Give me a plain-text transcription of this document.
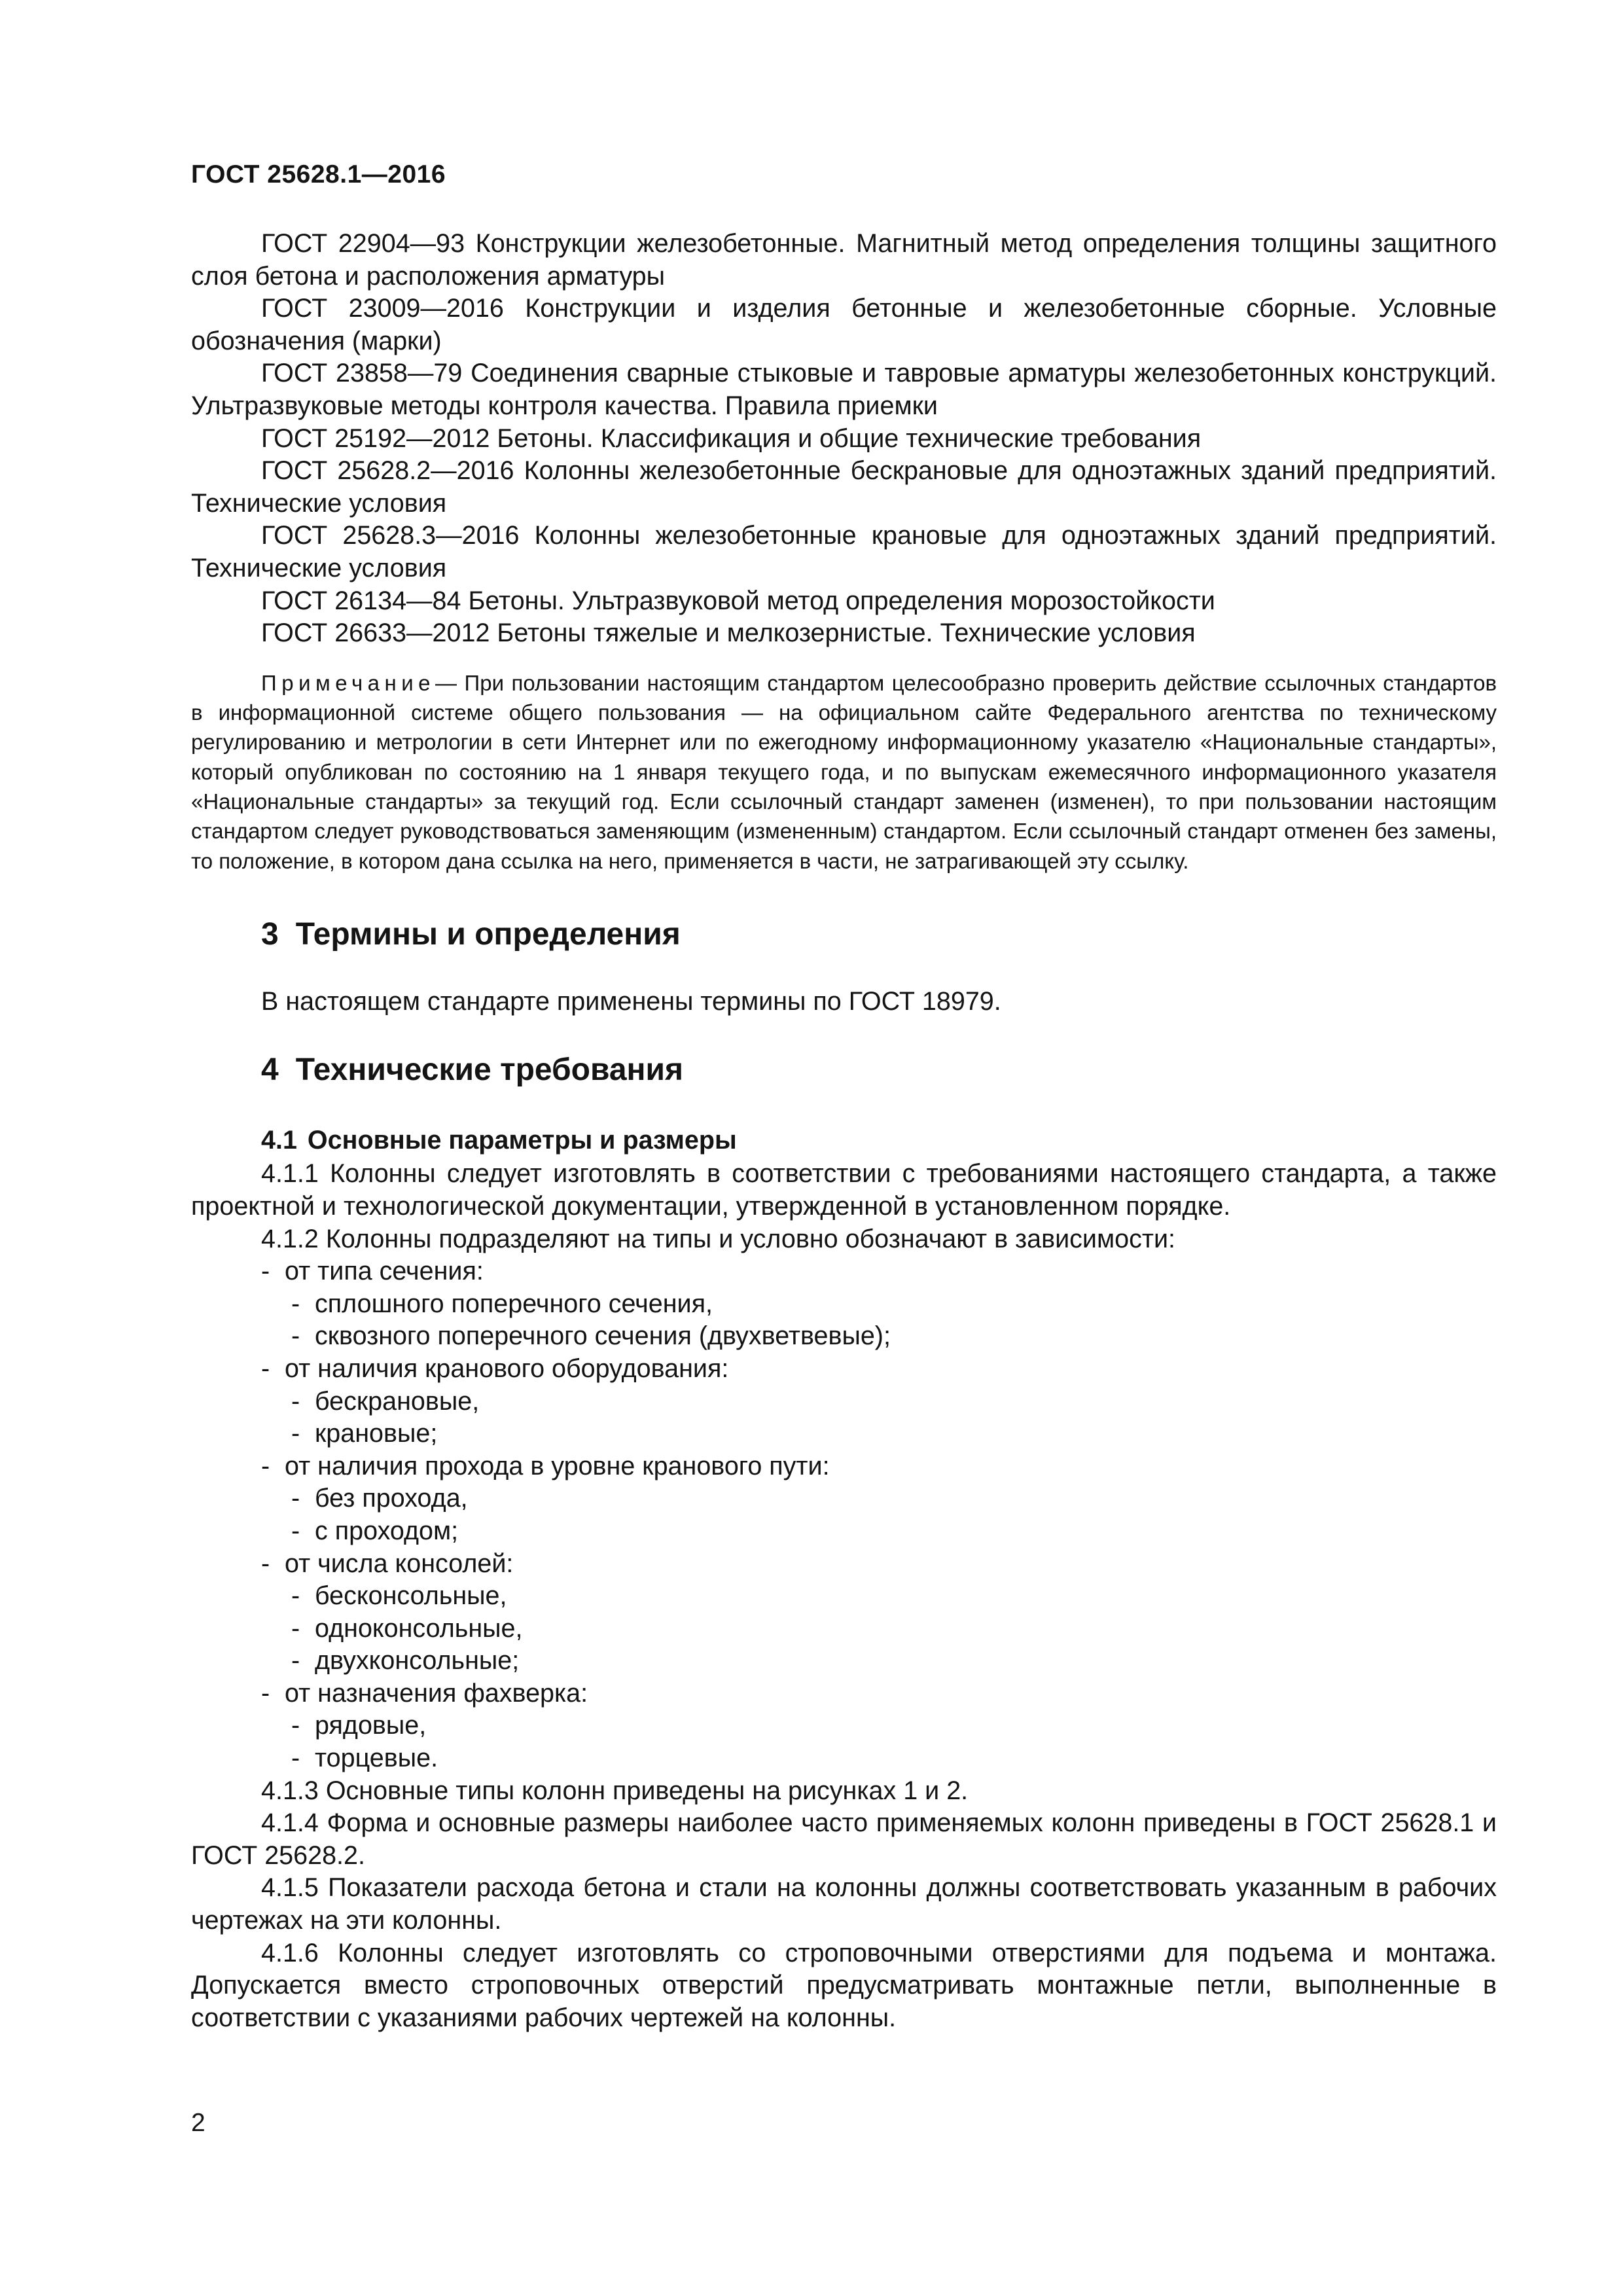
ГОСТ 25628.1—2016

ГОСТ 22904—93 Конструкции железобетонные. Магнитный метод определения толщины защитного слоя бетона и расположения арматуры

ГОСТ 23009—2016 Конструкции и изделия бетонные и железобетонные сборные. Условные обозначения (марки)

ГОСТ 23858—79 Соединения сварные стыковые и тавровые арматуры железобетонных конструкций. Ультразвуковые методы контроля качества. Правила приемки

ГОСТ 25192—2012 Бетоны. Классификация и общие технические требования

ГОСТ 25628.2—2016 Колонны железобетонные бескрановые для одноэтажных зданий предприятий. Технические условия

ГОСТ 25628.3—2016 Колонны железобетонные крановые для одноэтажных зданий предприятий. Технические условия

ГОСТ 26134—84 Бетоны. Ультразвуковой метод определения морозостойкости

ГОСТ 26633—2012 Бетоны тяжелые и мелкозернистые. Технические условия

Примечание— При пользовании настоящим стандартом целесообразно проверить действие ссылочных стандартов в информационной системе общего пользования — на официальном сайте Федерального агентства по техническому регулированию и метрологии в сети Интернет или по ежегодному информационному указателю «Национальные стандарты», который опубликован по состоянию на 1 января текущего года, и по выпускам ежемесячного информационного указателя «Национальные стандарты» за текущий год. Если ссылочный стандарт заменен (изменен), то при пользовании настоящим стандартом следует руководствоваться заменяющим (измененным) стандартом. Если ссылочный стандарт отменен без замены, то положение, в котором дана ссылка на него, применяется в части, не затрагивающей эту ссылку.

3 Термины и определения

В настоящем стандарте применены термины по ГОСТ 18979.

4 Технические требования
4.1 Основные параметры и размеры

4.1.1 Колонны следует изготовлять в соответствии с требованиями настоящего стандарта, а также проектной и технологической документации, утвержденной в установленном порядке.

4.1.2 Колонны подразделяют на типы и условно обозначают в зависимости:

- от типа сечения:
- сплошного поперечного сечения,
- сквозного поперечного сечения (двухветвевые);
- от наличия кранового оборудования:
- бескрановые,
- крановые;
- от наличия прохода в уровне кранового пути:
- без прохода,
- с проходом;
- от числа консолей:
- бесконсольные,
- одноконсольные,
- двухконсольные;
- от назначения фахверка:
- рядовые,
- торцевые.

4.1.3 Основные типы колонн приведены на рисунках 1 и 2.

4.1.4 Форма и основные размеры наиболее часто применяемых колонн приведены в ГОСТ 25628.1 и ГОСТ 25628.2.

4.1.5 Показатели расхода бетона и стали на колонны должны соответствовать указанным в рабочих чертежах на эти колонны.

4.1.6 Колонны следует изготовлять со строповочными отверстиями для подъема и монтажа. Допускается вместо строповочных отверстий предусматривать монтажные петли, выполненные в соответствии с указаниями рабочих чертежей на колонны.

2
